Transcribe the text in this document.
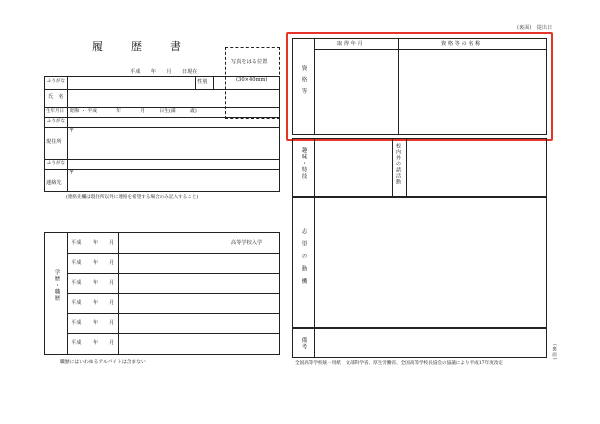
(裏面)　提出日
履　　歴　　書
平成　　年　　月　　日現在
写真をはる位置
(30×40mm)
ふりがな	性別
氏　名
生年月日 昭和 ・ 平成　　　　年　　　　月　　　日生(満　　　歳)
ふりがな
〒
現住所
ふりがな
〒
連絡先
(連絡先欄は現住所以外に連絡を希望する場合のみ記入すること)
学歴・職歴
平成 年 月	高等学校入学
平成 年 月
平成 年 月
平成 年 月
平成 年 月
平成 年 月
職歴にはいわゆるアルバイトは含まない
取 得 年 月	資 格 等 の 名 称
資格等
趣味・特技	校内外の諸活動
志望の動機
備考
(裏面)
全国高等学校統一用紙　文部科学省、厚生労働省、全国高等学校長協会の協議により平成17年度改定
